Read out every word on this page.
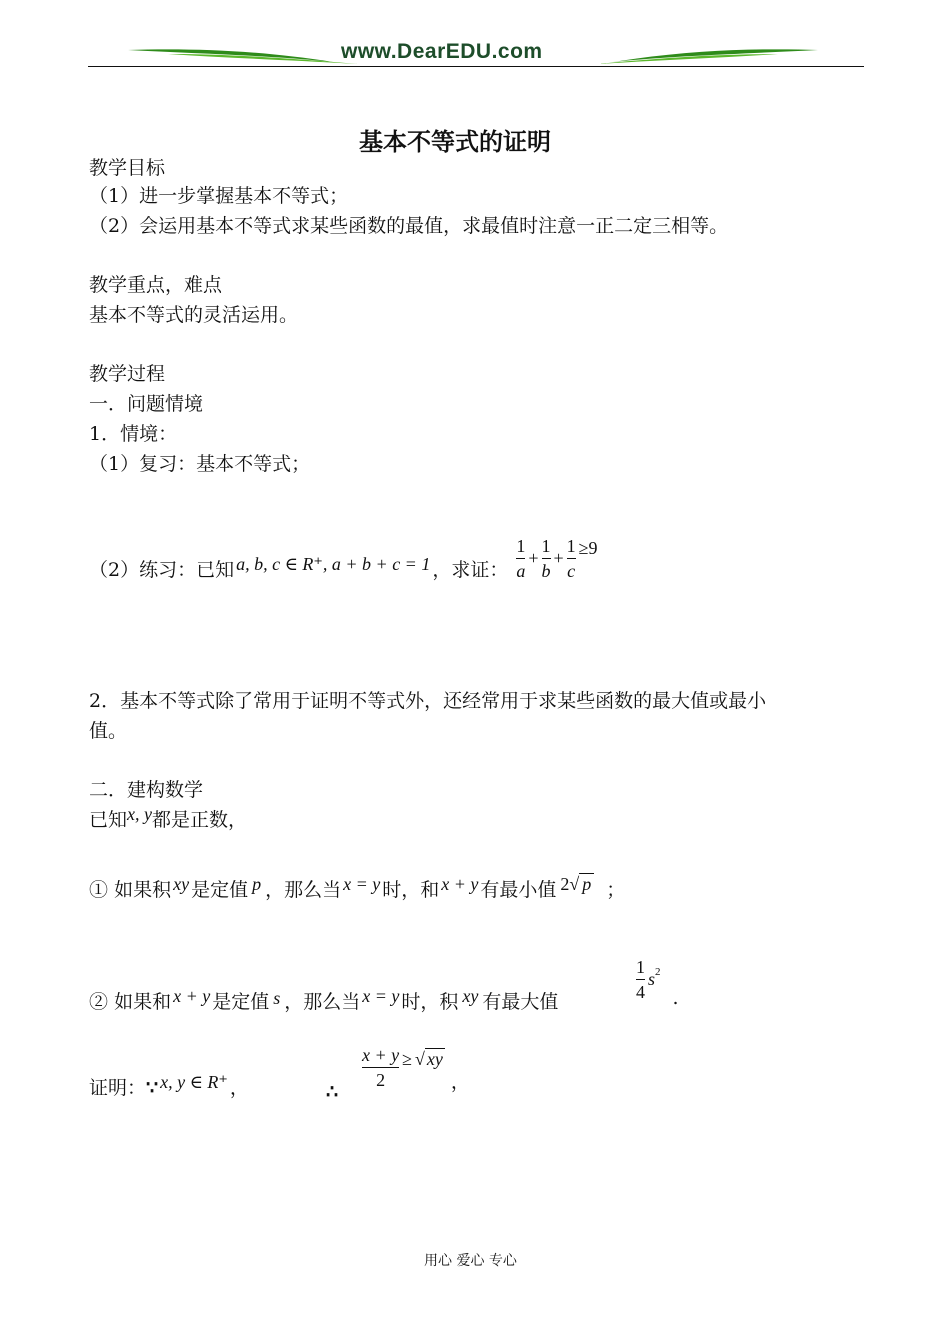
www.DearEDU.com
基本不等式的证明
教学目标
（1）进一步掌握基本不等式；
（2）会运用基本不等式求某些函数的最值，求最值时注意一正二定三相等。
教学重点，难点
基本不等式的灵活运用。
教学过程
一．问题情境
1．情境：
（1）复习：基本不等式；
（2）练习：已知 a, b, c ∈ R⁺, a + b + c = 1 ，求证： $\frac{1}{a} + \frac{1}{b} + \frac{1}{c} \ge 9$
2．基本不等式除了常用于证明不等式外，还经常用于求某些函数的最大值或最小
值。
二．建构数学
已知x, y都是正数，
① 如果积 xy 是定值 p ，那么当 x = y 时，和 x + y 有最小值 2√ p ；
② 如果和 x + y 是定值 s ，那么当 x = y 时，积 xy 有最大值	$\frac{1}{4} s^2$
.
证明：∵ x, y ∈ R⁺ ，	∴
$\frac{x + y}{2}$ ≥ √ xy
，
用心 爱心 专心
